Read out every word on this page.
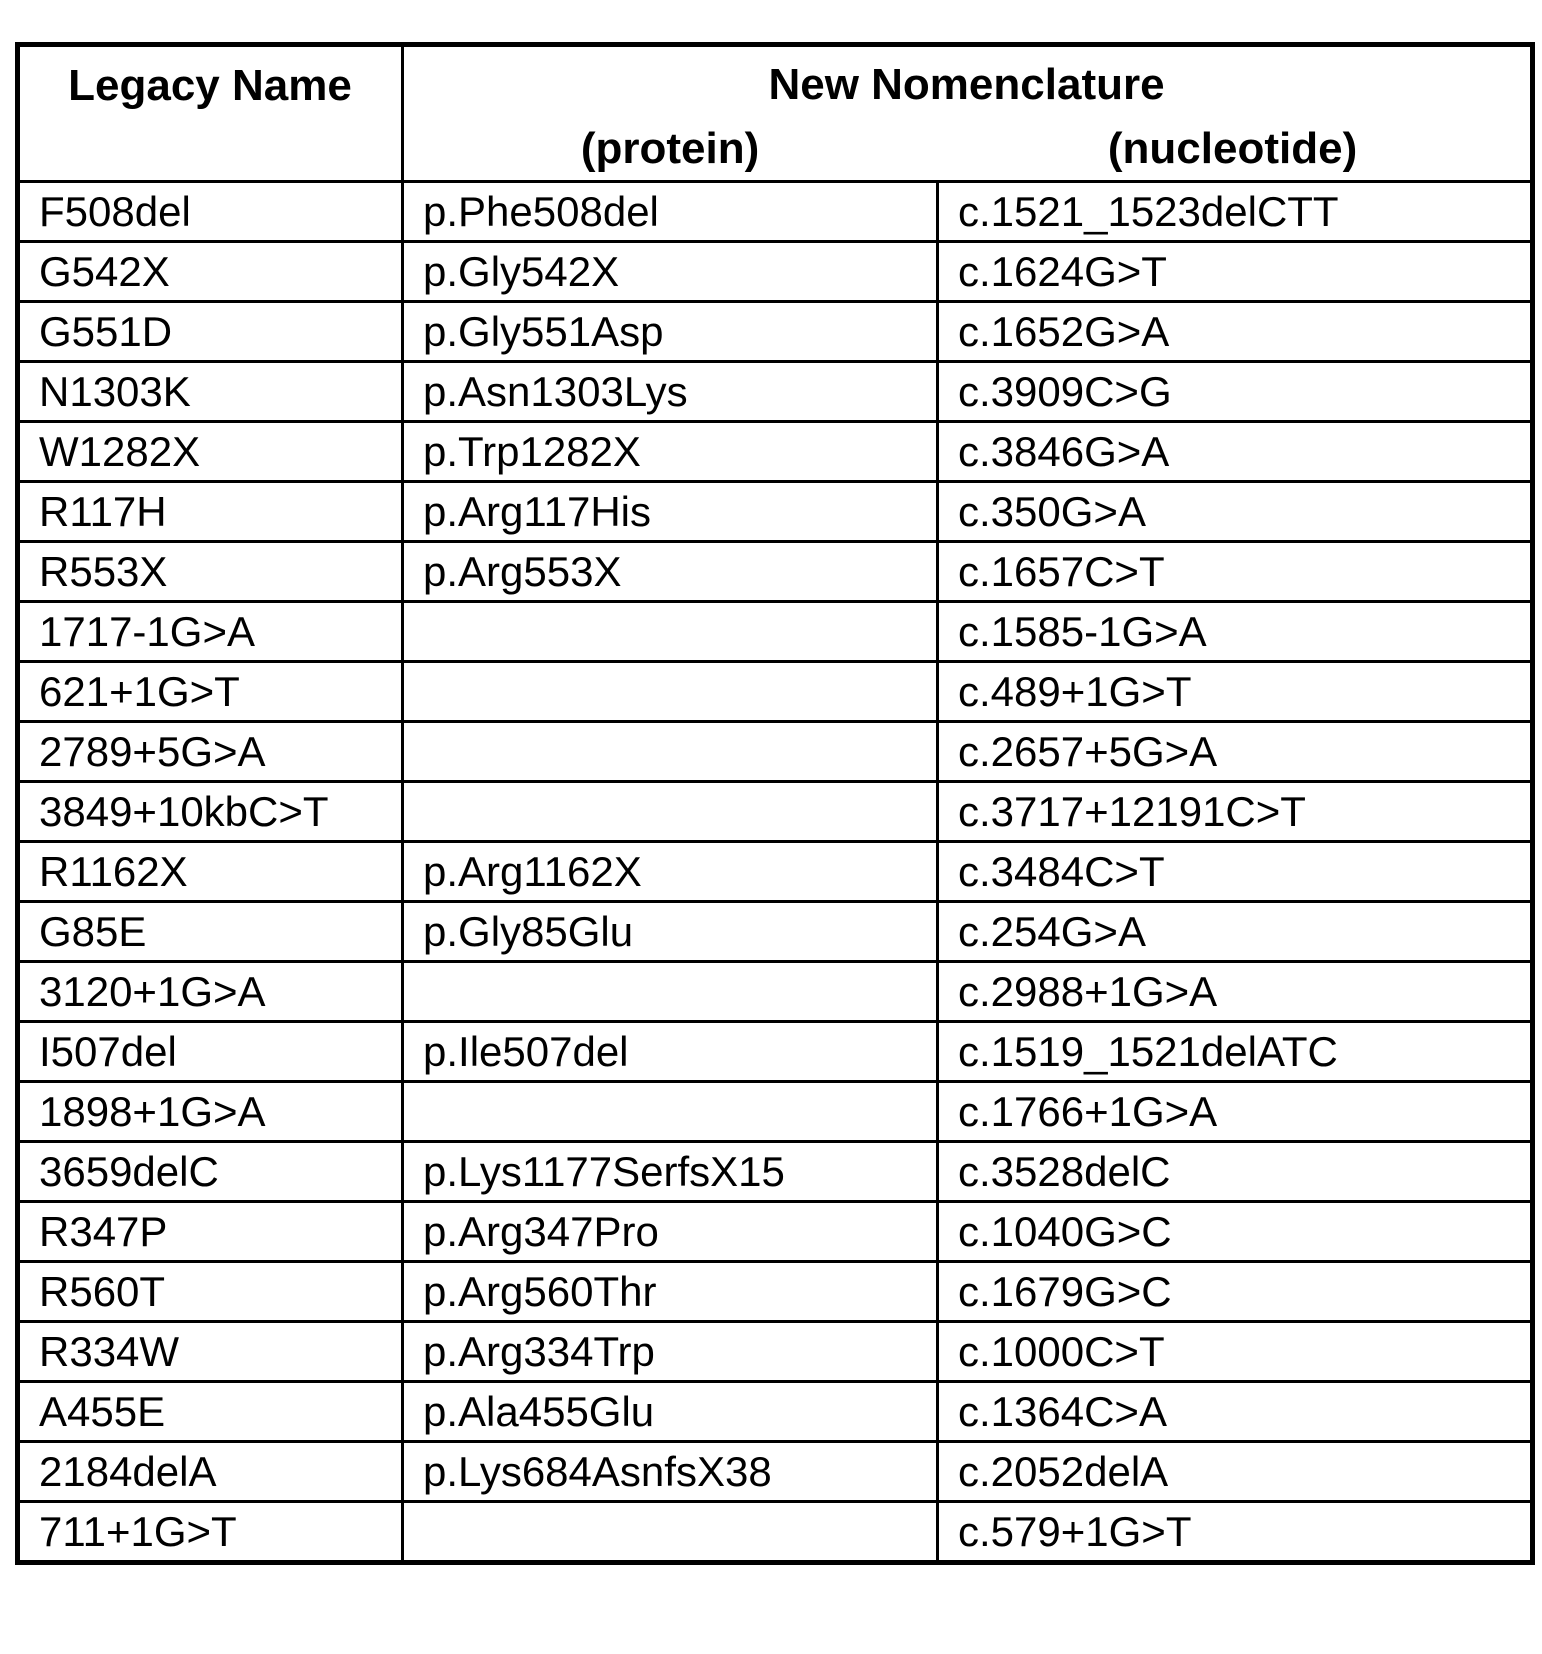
Legacy Name	New Nomenclature
(protein) (nucleotide)	

F508del	p.Phe508del	c.1521_1523delCTT
G542X	p.Gly542X	c.1624G>T
G551D	p.Gly551Asp	c.1652G>A
N1303K	p.Asn1303Lys	c.3909C>G
W1282X	p.Trp1282X	c.3846G>A
R117H	p.Arg117His	c.350G>A
R553X	p.Arg553X	c.1657C>T
1717-1G>A		c.1585-1G>A
621+1G>T		c.489+1G>T
2789+5G>A		c.2657+5G>A
3849+10kbC>T		c.3717+12191C>T
R1162X	p.Arg1162X	c.3484C>T
G85E	p.Gly85Glu	c.254G>A
3120+1G>A		c.2988+1G>A
I507del	p.Ile507del	c.1519_1521delATC
1898+1G>A		c.1766+1G>A
3659delC	p.Lys1177SerfsX15	c.3528delC
R347P	p.Arg347Pro	c.1040G>C
R560T	p.Arg560Thr	c.1679G>C
R334W	p.Arg334Trp	c.1000C>T
A455E	p.Ala455Glu	c.1364C>A
2184delA	p.Lys684AsnfsX38	c.2052delA
711+1G>T		c.579+1G>T
